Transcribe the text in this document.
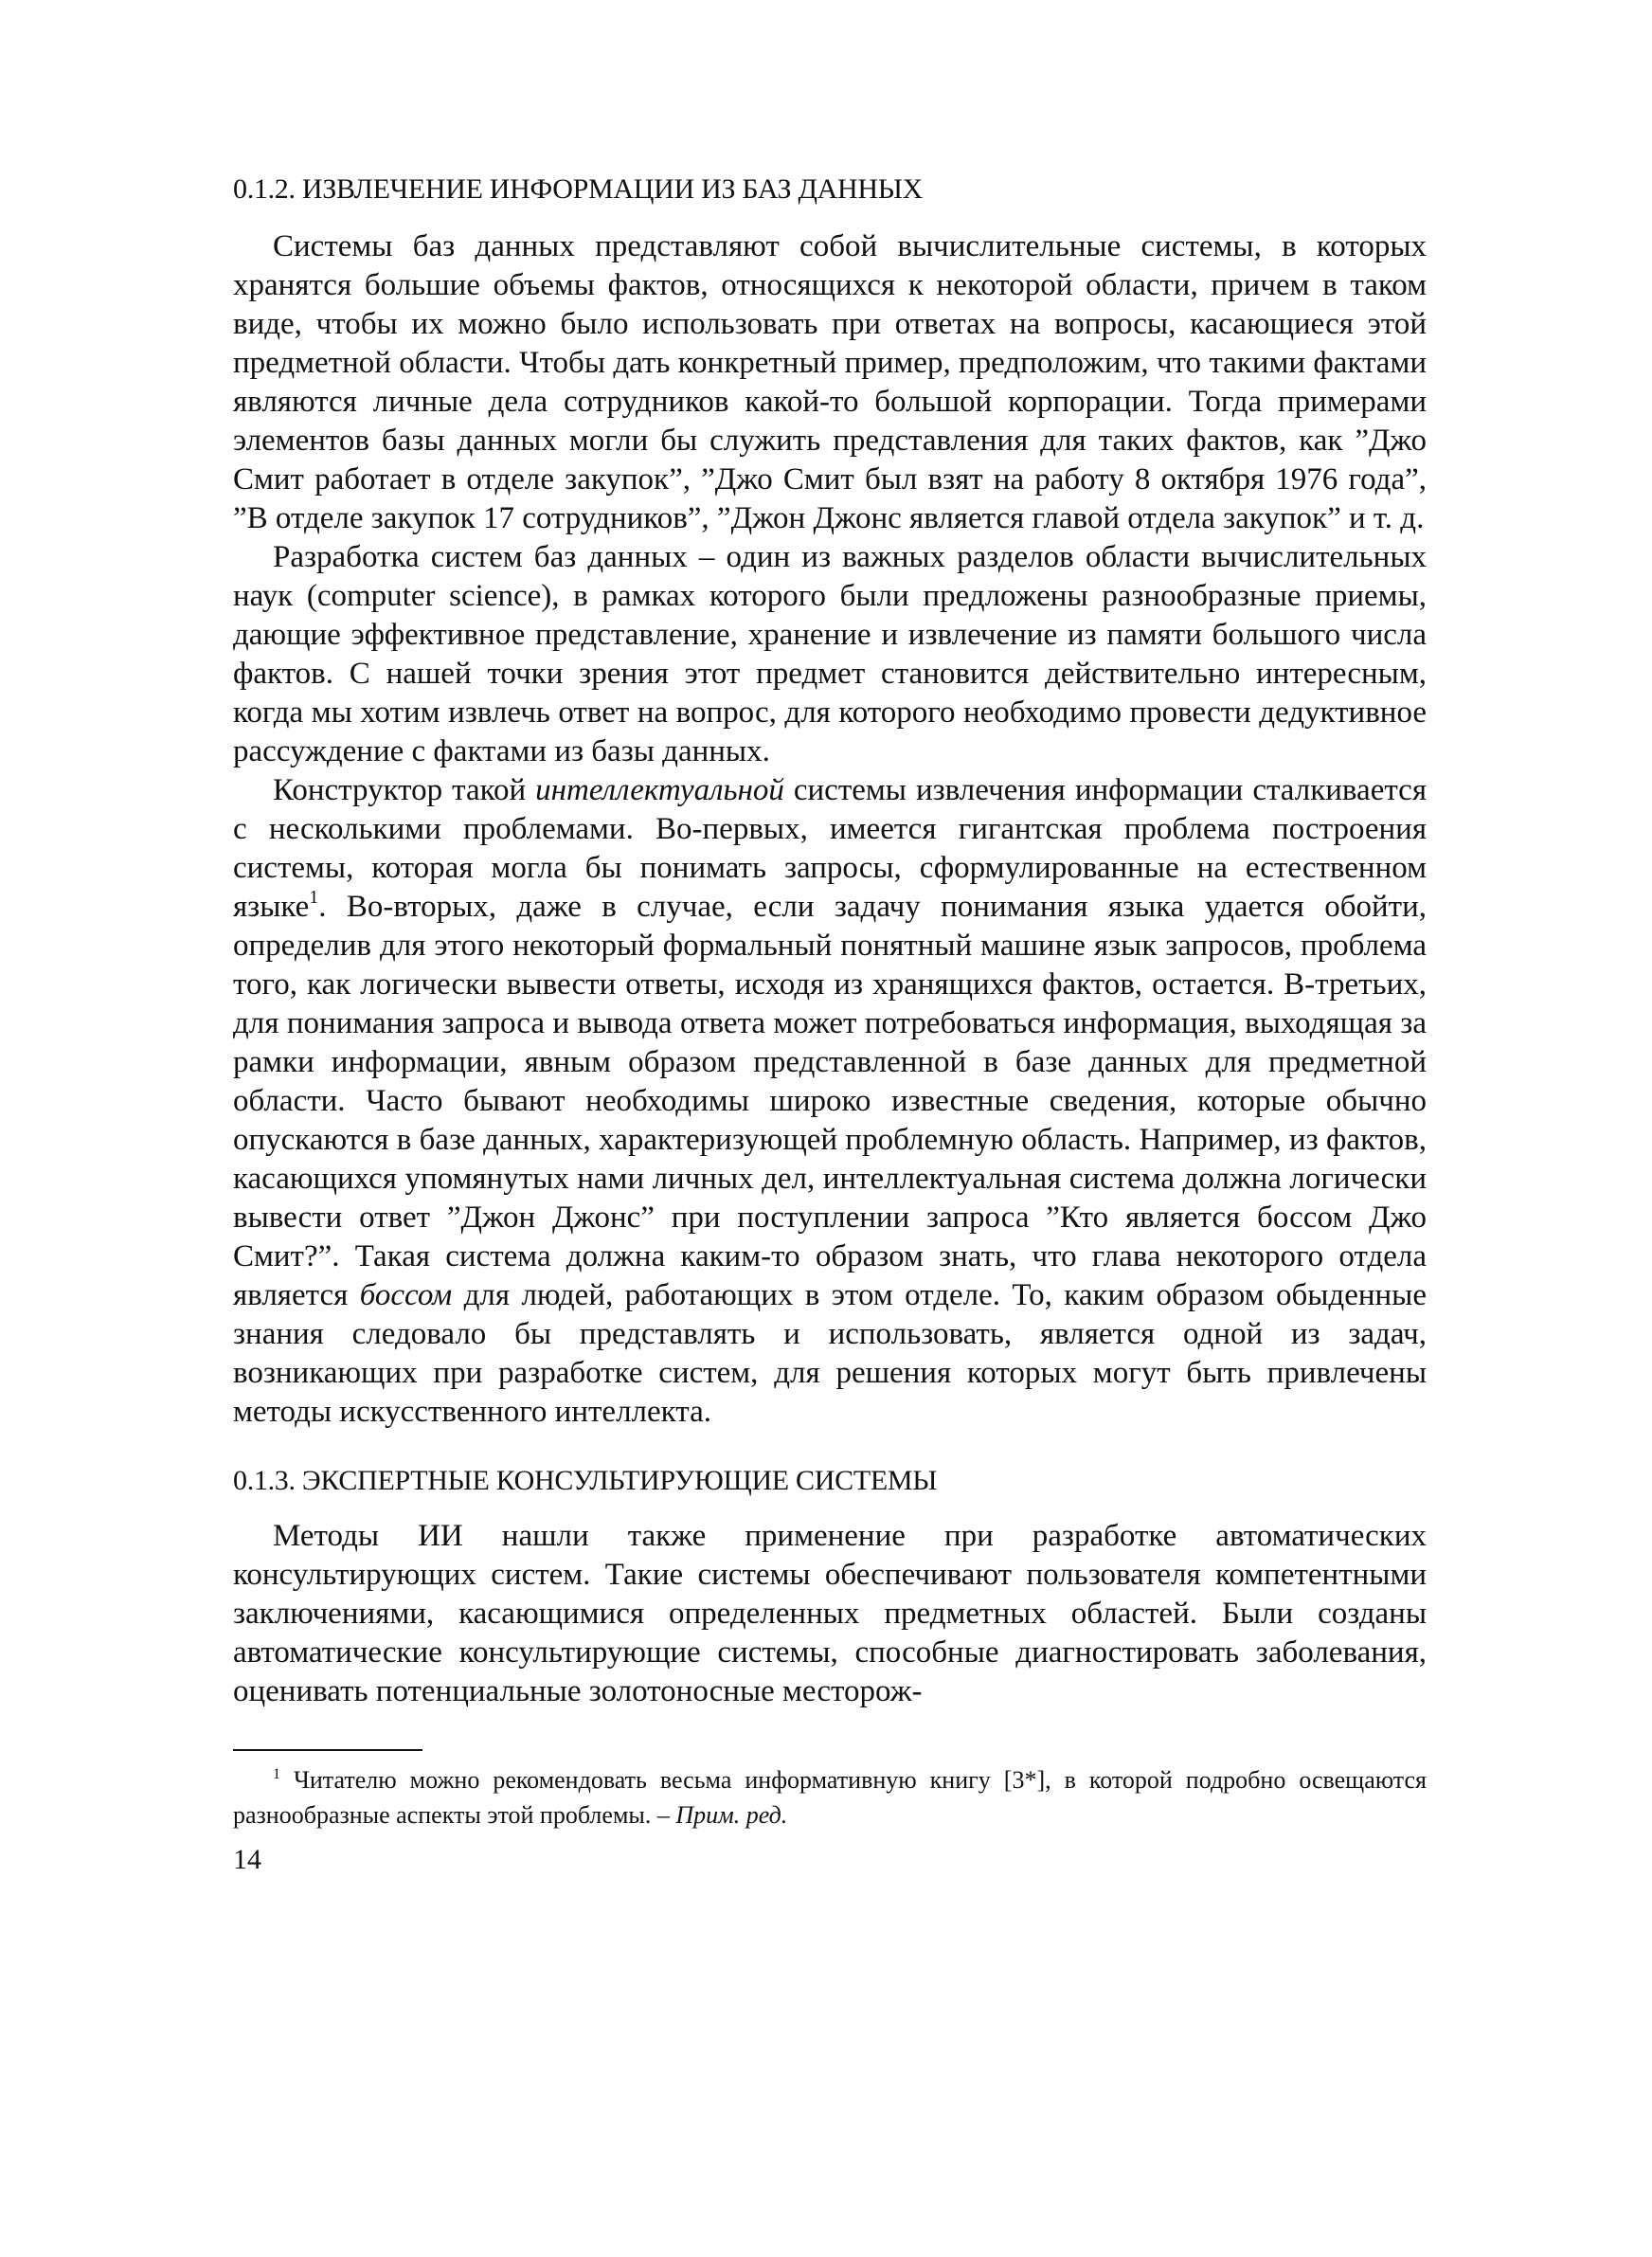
0.1.2. ИЗВЛЕЧЕНИЕ ИНФОРМАЦИИ ИЗ БАЗ ДАННЫХ

Системы баз данных представляют собой вычислительные системы, в которых хранятся большие объемы фактов, относящихся к некоторой области, причем в таком виде, чтобы их можно было использовать при ответах на вопросы, касающиеся этой предметной области. Чтобы дать конкретный пример, предположим, что такими фактами являются личные дела сотрудников какой-то большой корпорации. Тогда примерами элементов базы данных могли бы служить представления для таких фактов, как ”Джо Смит работает в отделе закупок”, ”Джо Смит был взят на работу 8 октября 1976 года”, ”В отделе закупок 17 сотрудников”, ”Джон Джонс является главой отдела закупок” и т. д.

Разработка систем баз данных – один из важных разделов области вычислительных наук (computer science), в рамках которого были предложены разнообразные приемы, дающие эффективное представление, хранение и извлечение из памяти большого числа фактов. С нашей точки зрения этот предмет становится действительно интересным, когда мы хотим извлечь ответ на вопрос, для которого необходимо провести дедуктивное рассуждение с фактами из базы данных.

Конструктор такой интеллектуальной системы извлечения информации сталкивается с несколькими проблемами. Во-первых, имеется гигантская проблема построения системы, которая могла бы понимать запросы, сформулированные на естественном языке$^1$. Во-вторых, даже в случае, если задачу понимания языка удается обойти, определив для этого некоторый формальный понятный машине язык запросов, проблема того, как логически вывести ответы, исходя из хранящихся фактов, остается. В-третьих, для понимания запроса и вывода ответа может потребоваться информация, выходящая за рамки информации, явным образом представленной в базе данных для предметной области. Часто бывают необходимы широко известные сведения, которые обычно опускаются в базе данных, характеризующей проблемную область. Например, из фактов, касающихся упомянутых нами личных дел, интеллектуальная система должна логически вывести ответ ”Джон Джонс” при поступлении запроса ”Кто является боссом Джо Смит?”. Такая система должна каким-то образом знать, что глава некоторого отдела является боссом для людей, работающих в этом отделе. То, каким образом обыденные знания следовало бы представлять и использовать, является одной из задач, возникающих при разработке систем, для решения которых могут быть привлечены методы искусственного интеллекта.

0.1.3. ЭКСПЕРТНЫЕ КОНСУЛЬТИРУЮЩИЕ СИСТЕМЫ

Методы ИИ нашли также применение при разработке автоматических консультирующих систем. Такие системы обеспечивают пользователя компетентными заключениями, касающимися определенных предметных областей. Были созданы автоматические консультирующие системы, способные диагностировать заболевания, оценивать потенциальные золотоносные месторож-

$^1$ Читателю можно рекомендовать весьма информативную книгу [3*], в которой подробно освещаются разнообразные аспекты этой проблемы. – Прим. ред.

14
